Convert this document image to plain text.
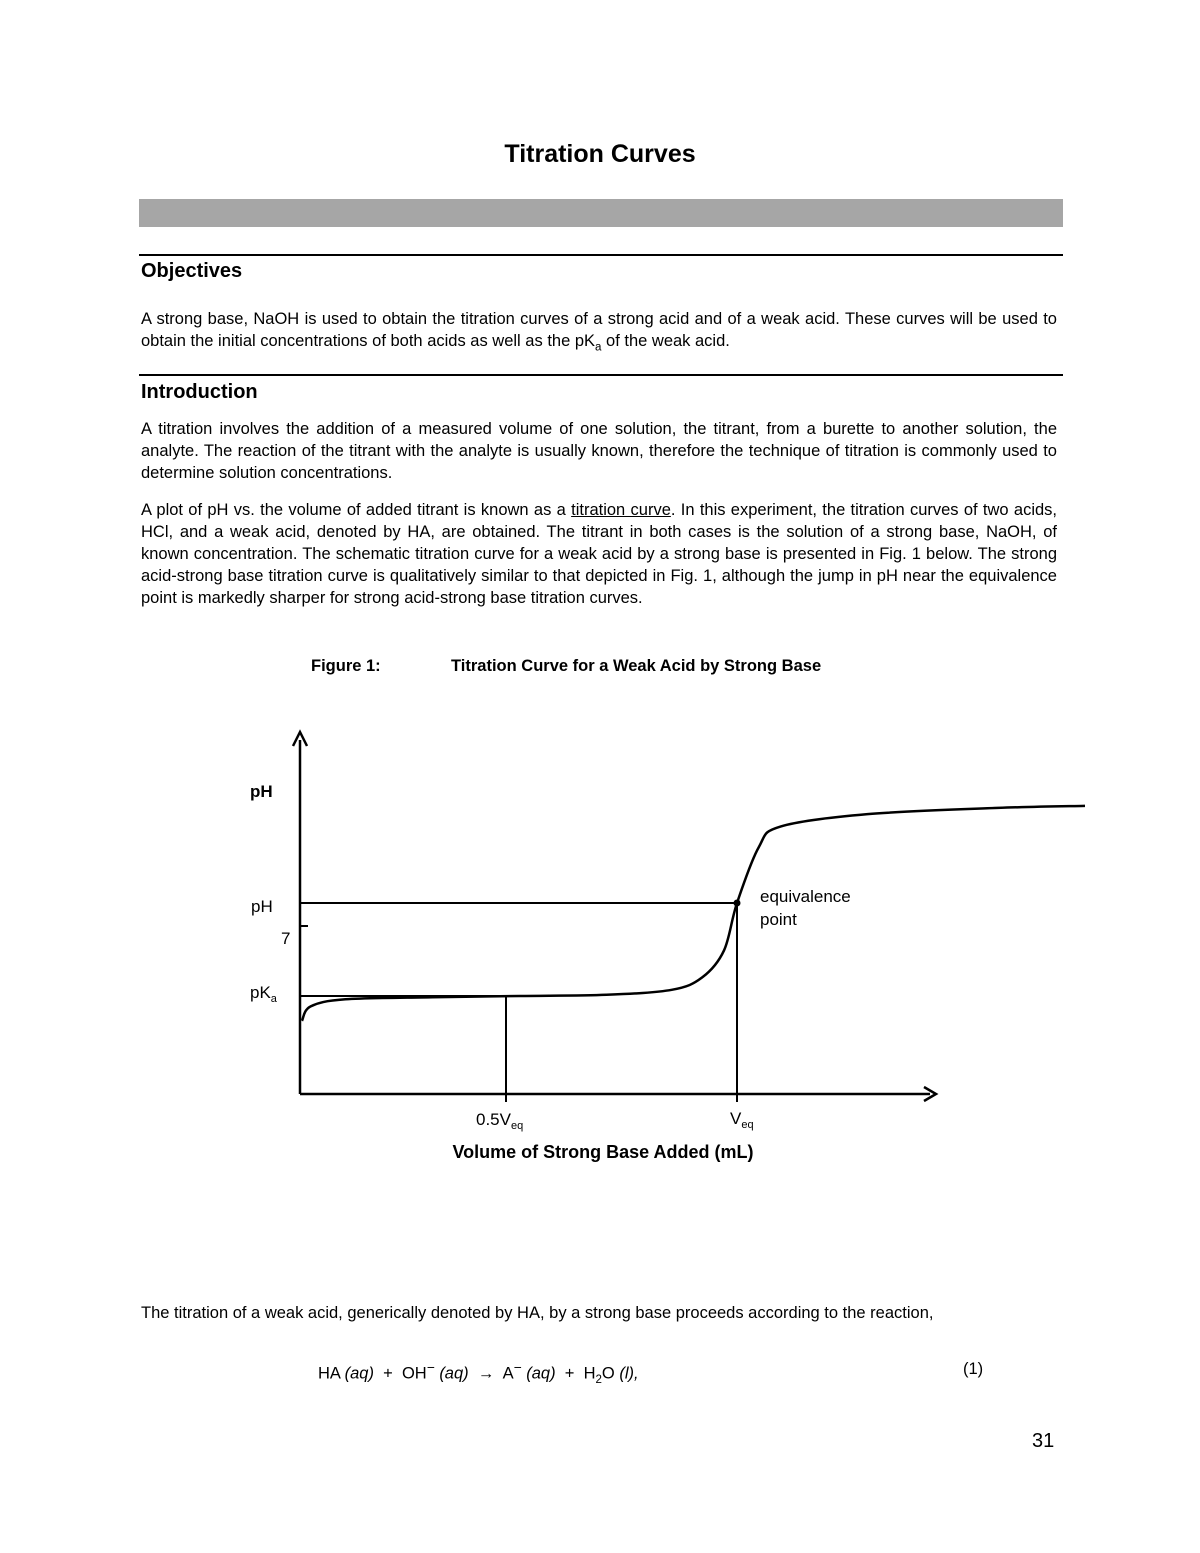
Titration Curves
Objectives

A strong base, NaOH is used to obtain the titration curves of a strong acid and of a weak acid. These curves will be used to obtain the initial concentrations of both acids as well as the $pK_a$ of the weak acid.

Introduction

A titration involves the addition of a measured volume of one solution, the titrant, from a burette to another solution, the analyte. The reaction of the titrant with the analyte is usually known, therefore the technique of titration is commonly used to determine solution concentrations.

A plot of pH vs. the volume of added titrant is known as a titration curve. In this experiment, the titration curves of two acids, HCl, and a weak acid, denoted by HA, are obtained. The titrant in both cases is the solution of a strong base, NaOH, of known concentration. The schematic titration curve for a weak acid by a strong base is presented in Fig. 1 below. The strong acid-strong base titration curve is qualitatively similar to that depicted in Fig. 1, although the jump in pH near the equivalence point is markedly sharper for strong acid-strong base titration curves.

Figure 1:	Titration Curve for a Weak Acid by Strong Base
pH
pH
7
$pK_a$
$0.5V_{eq}$	$V_{eq}$
equivalence
point
Volume of Strong Base Added (mL)

The titration of a weak acid, generically denoted by HA, by a strong base proceeds according to the reaction,

HA (aq) + OH− (aq) → A− $(aq) + H_2O$ (l),	(1)
31
